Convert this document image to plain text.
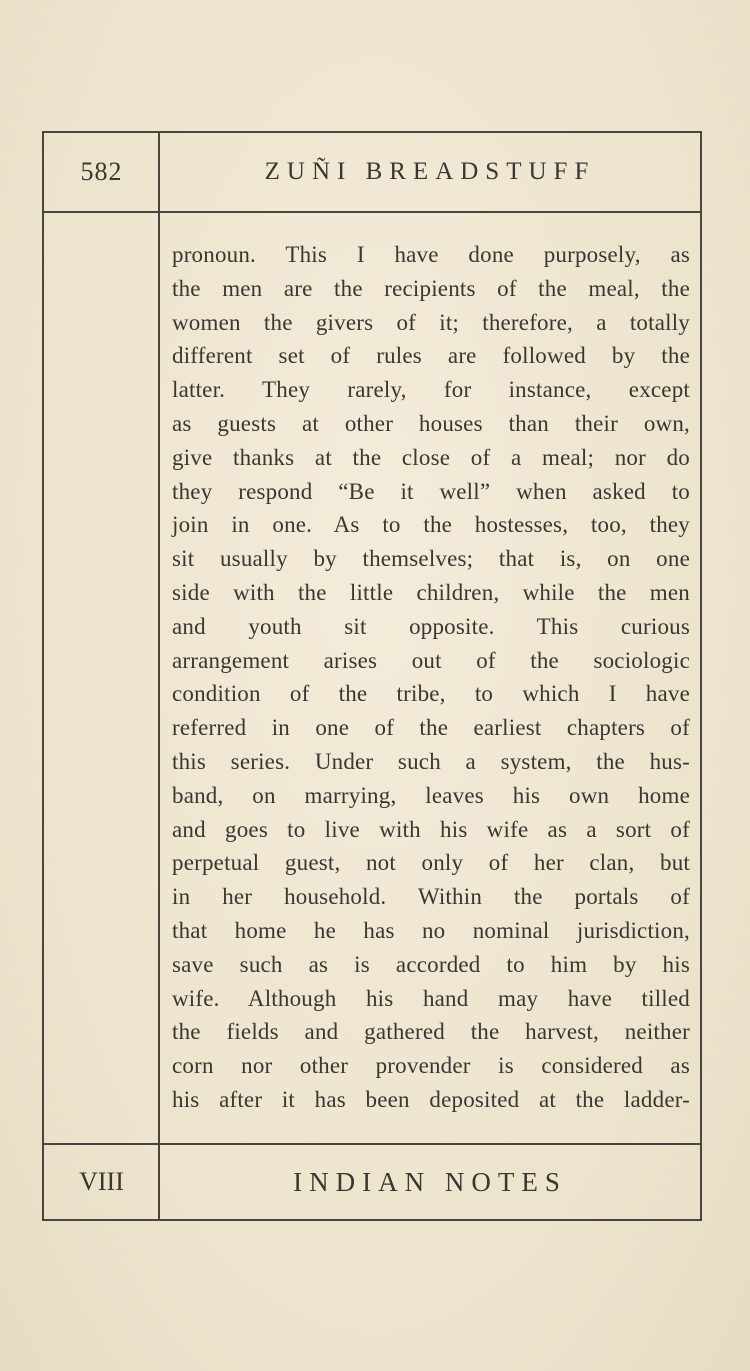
582	ZUÑI BREADSTUFF
pronoun. This I have done purposely, as
the men are the recipients of the meal, the
women the givers of it; therefore, a totally
different set of rules are followed by the
latter. They rarely, for instance, except
as guests at other houses than their own,
give thanks at the close of a meal; nor do
they respond “Be it well” when asked to
join in one. As to the hostesses, too, they
sit usually by themselves; that is, on one
side with the little children, while the men
and youth sit opposite. This curious
arrangement arises out of the sociologic
condition of the tribe, to which I have
referred in one of the earliest chapters of
this series. Under such a system, the hus-
band, on marrying, leaves his own home
and goes to live with his wife as a sort of
perpetual guest, not only of her clan, but
in her household. Within the portals of
that home he has no nominal jurisdiction,
save such as is accorded to him by his
wife. Although his hand may have tilled
the fields and gathered the harvest, neither
corn nor other provender is considered as
his after it has been deposited at the ladder-
VIII	INDIAN NOTES
